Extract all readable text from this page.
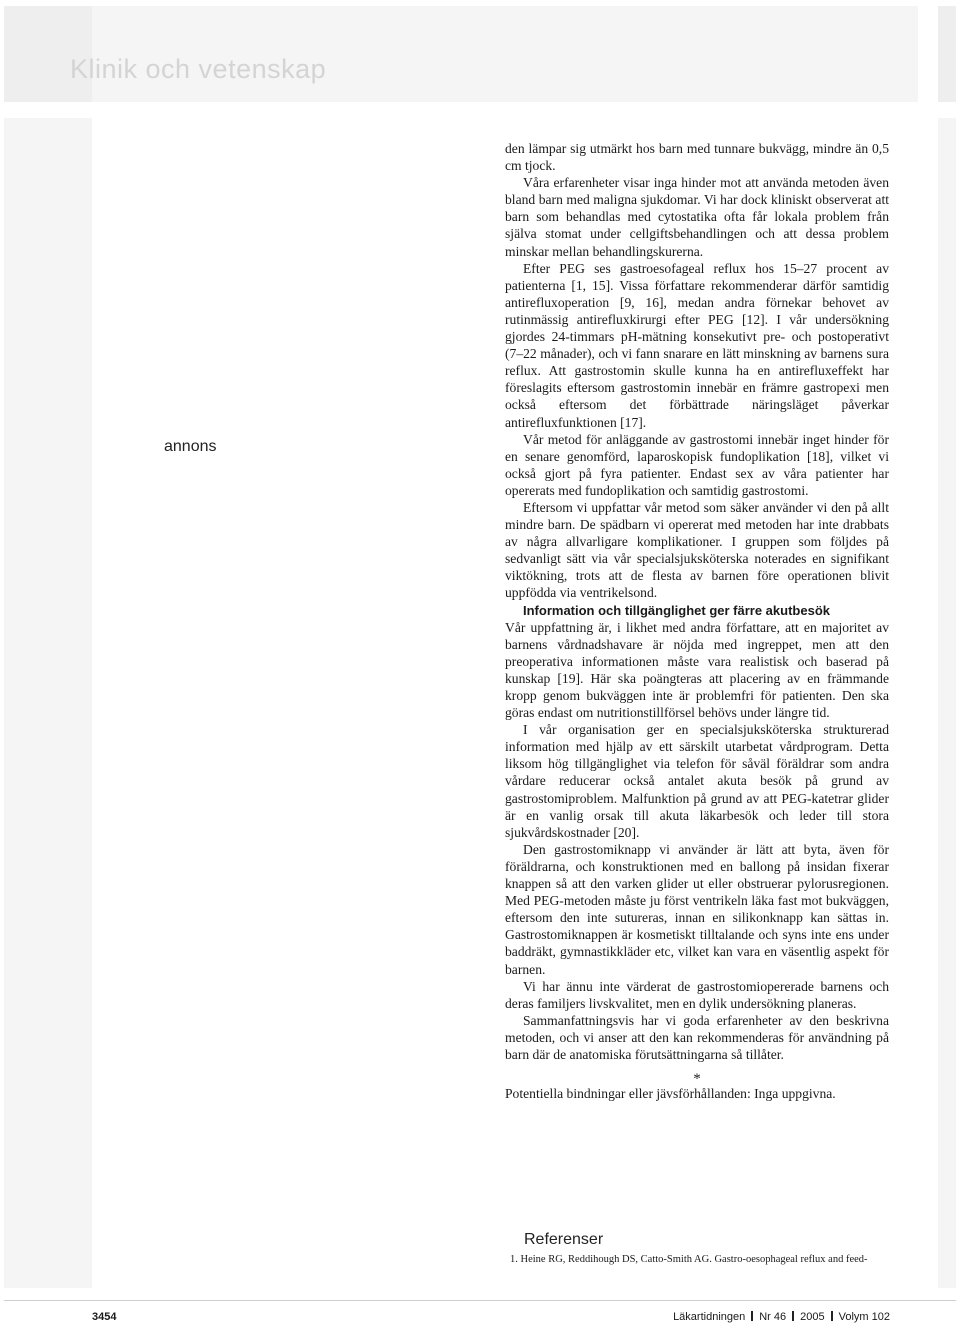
Klinik och vetenskap
annons

den lämpar sig utmärkt hos barn med tunnare bukvägg, mindre än 0,5 cm tjock.

Våra erfarenheter visar inga hinder mot att använda metoden även bland barn med maligna sjukdomar. Vi har dock kliniskt observerat att barn som behandlas med cytostatika ofta får lokala problem från själva stomat under cellgiftsbehandlingen och att dessa problem minskar mellan behandlingskurerna.

Efter PEG ses gastroesofageal reflux hos 15–27 procent av patienterna [1, 15]. Vissa författare rekommenderar därför samtidig antirefluxoperation [9, 16], medan andra förnekar behovet av rutinmässig antirefluxkirurgi efter PEG [12]. I vår undersökning gjordes 24-timmars pH-mätning konsekutivt pre- och postoperativt (7–22 månader), och vi fann snarare en lätt minskning av barnens sura reflux. Att gastrostomin skulle kunna ha en antirefluxeffekt har föreslagits eftersom gastrostomin innebär en främre gastropexi men också eftersom det förbättrade näringsläget påverkar antirefluxfunktionen [17].

Vår metod för anläggande av gastrostomi innebär inget hinder för en senare genomförd, laparoskopisk fundoplikation [18], vilket vi också gjort på fyra patienter. Endast sex av våra patienter har opererats med fundoplikation och samtidig gastrostomi.

Eftersom vi uppfattar vår metod som säker använder vi den på allt mindre barn. De spädbarn vi opererat med metoden har inte drabbats av några allvarligare komplikationer. I gruppen som följdes på sedvanligt sätt via vår specialsjuksköterska noterades en signifikant viktökning, trots att de flesta av barnen före operationen blivit uppfödda via ventrikelsond.

Information och tillgänglighet ger färre akutbesök

Vår uppfattning är, i likhet med andra författare, att en majoritet av barnens vårdnadshavare är nöjda med ingreppet, men att den preoperativa informationen måste vara realistisk och baserad på kunskap [19]. Här ska poängteras att placering av en främmande kropp genom bukväggen inte är problemfri för patienten. Den ska göras endast om nutritionstillförsel behövs under längre tid.

I vår organisation ger en specialsjuksköterska strukturerad information med hjälp av ett särskilt utarbetat vårdprogram. Detta liksom hög tillgänglighet via telefon för såväl föräldrar som andra vårdare reducerar också antalet akuta besök på grund av gastrostomiproblem. Malfunktion på grund av att PEG-katetrar glider är en vanlig orsak till akuta läkarbesök och leder till stora sjukvårdskostnader [20].

Den gastrostomiknapp vi använder är lätt att byta, även för föräldrarna, och konstruktionen med en ballong på insidan fixerar knappen så att den varken glider ut eller obstruerar pylorusregionen. Med PEG-metoden måste ju först ventrikeln läka fast mot bukväggen, eftersom den inte sutureras, innan en silikonknapp kan sättas in. Gastrostomiknappen är kosmetiskt tilltalande och syns inte ens under baddräkt, gymnastikkläder etc, vilket kan vara en väsentlig aspekt för barnen.

Vi har ännu inte värderat de gastrostomiopererade barnens och deras familjers livskvalitet, men en dylik undersökning planeras.

Sammanfattningsvis har vi goda erfarenheter av den beskrivna metoden, och vi anser att den kan rekommenderas för användning på barn där de anatomiska förutsättningarna så tillåter.

*

Potentiella bindningar eller jävsförhållanden: Inga uppgivna.

Referenser
1. Heine RG, Reddihough DS, Catto-Smith AG. Gastro-oesophageal reflux and feed-
3454	Läkartidningen Nr 46 2005 Volym 102
